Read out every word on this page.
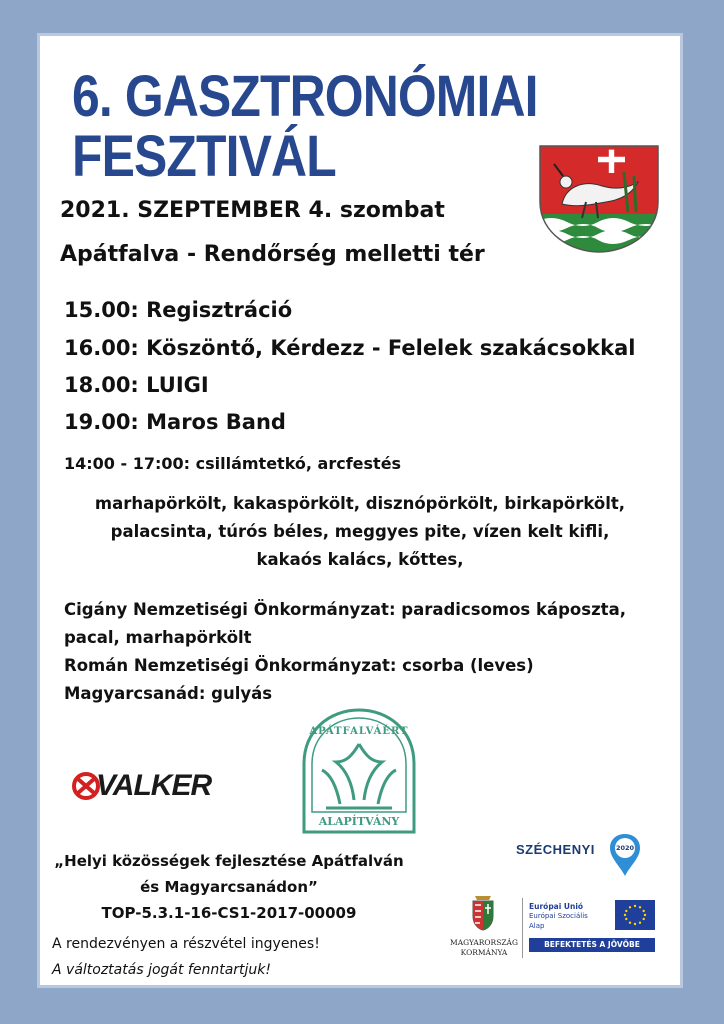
6. GASZTRONÓMIAI
FESZTIVÁL
2021. SZEPTEMBER 4. szombat
Apátfalva - Rendőrség melletti tér
15.00: Regisztráció
16.00: Köszöntő, Kérdezz - Felelek szakácsokkal
18.00: LUIGI
19.00: Maros Band
14:00 - 17:00: csillámtetkó, arcfestés
marhapörkölt, kakaspörkölt, disznópörkölt, birkapörkölt,
palacsinta, túrós béles, meggyes pite, vízen kelt kifli,
kakaós kalács, kőttes,
Cigány Nemzetiségi Önkormányzat: paradicsomos káposzta,
pacal, marhapörkölt
Román Nemzetiségi Önkormányzat: csorba (leves)
Magyarcsanád: gulyás
VALKER
APÁTFALVÁÉRT
ALAPÍTVÁNY
„Helyi közösségek fejlesztése Apátfalván
és Magyarcsanádon”
TOP-5.3.1-16-CS1-2017-00009
A rendezvényen a részvétel ingyenes!
A változtatás jogát fenntartjuk!
SZÉCHENYI	2020
MAGYARORSZÁG
KORMÁNYA
Európai Unió
Európai Szociális
Alap
BEFEKTETÉS A JÖVŐBE
